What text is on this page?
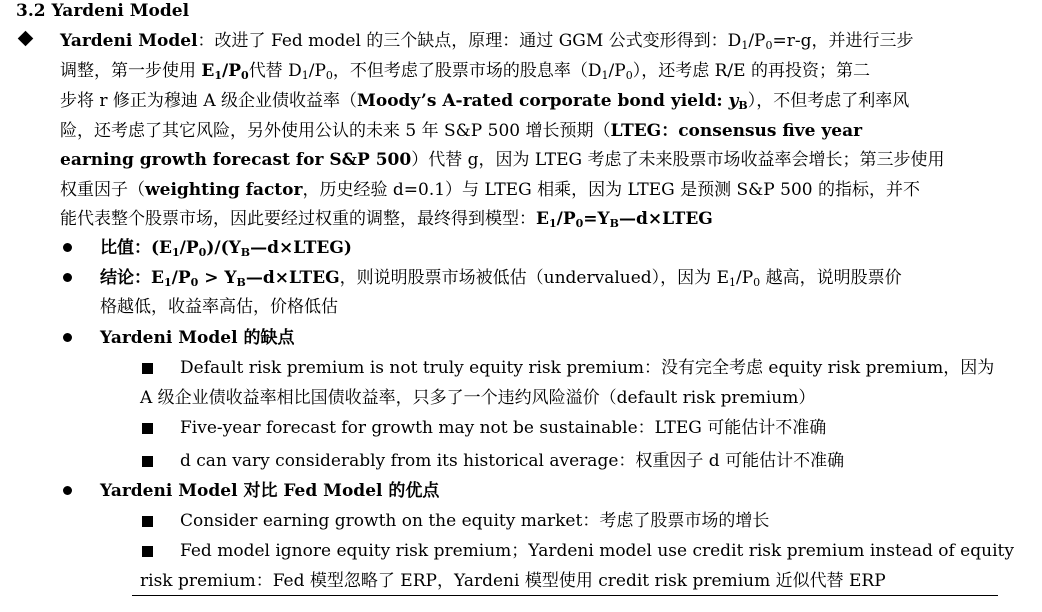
3.2 Yardeni Model
Yardeni Model：改进了 Fed model 的三个缺点，原理：通过 GGM 公式变形得到：$D_1/P_0=r-g$，并进行三步
调整，第一步使用 $E_1/P_0$代替 $D_1/P_0$，不但考虑了股票市场的股息率$(D_1/P_0)$，还考虑 R/E 的再投资；第二
步将 r 修正为穆迪 A 级企业债收益率（Moody’s A-rated corporate bond yield: $y_B$），不但考虑了利率风
险，还考虑了其它风险，另外使用公认的未来 5 年 S&P 500 增长预期（LTEG：consensus five year
earning growth forecast for S&P 500）代替 g，因为 LTEG 考虑了未来股票市场收益率会增长；第三步使用
权重因子（weighting factor，历史经验 d=0.1）与 LTEG 相乘，因为 LTEG 是预测 S&P 500 的指标，并不
能代表整个股票市场，因此要经过权重的调整，最终得到模型：$E_1/P_0=Y_B—d\times LTEG$
比值：$(E_1/P_0)/(Y_B—d\times LTEG)$
结论：$E_1/P_0$ > $Y_B—d\times LTEG$，则说明股票市场被低估（undervalued），因为 $E_1/P_0$ 越高，说明股票价
格越低，收益率高估，价格低估
Yardeni Model 的缺点
Default risk premium is not truly equity risk premium：没有完全考虑 equity risk premium，因为
A 级企业债收益率相比国债收益率，只多了一个违约风险溢价（default risk premium）
Five-year forecast for growth may not be sustainable：LTEG 可能估计不准确
d can vary considerably from its historical average：权重因子 d 可能估计不准确
Yardeni Model 对比 Fed Model 的优点
Consider earning growth on the equity market：考虑了股票市场的增长
Fed model ignore equity risk premium；Yardeni model use credit risk premium instead of equity
risk premium：Fed 模型忽略了 ERP，Yardeni 模型使用 credit risk premium 近似代替 ERP
